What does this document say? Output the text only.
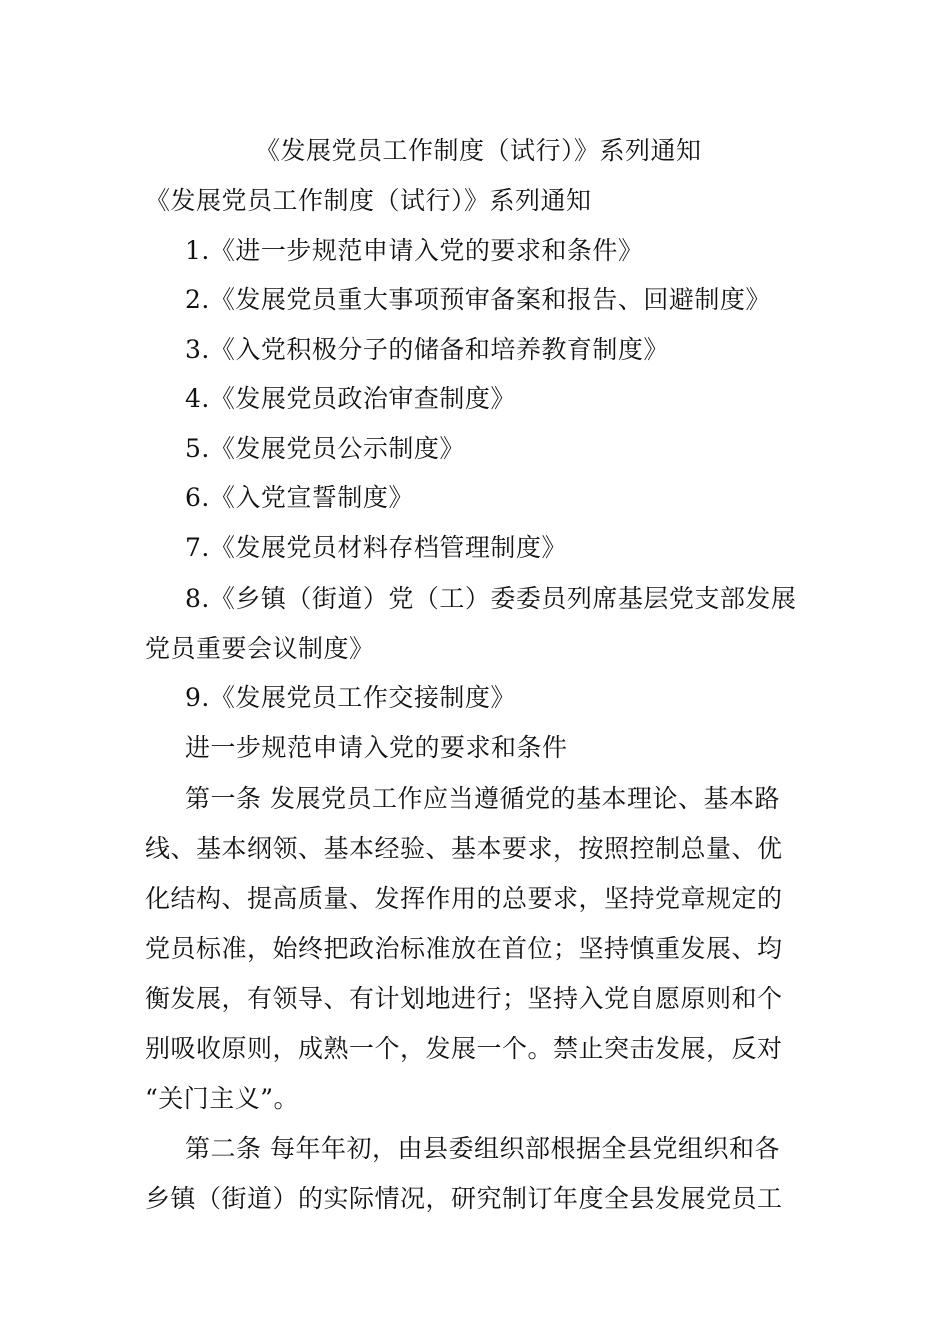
《发展党员工作制度（试行）》系列通知
《发展党员工作制度（试行）》系列通知
1.《进一步规范申请入党的要求和条件》
2.《发展党员重大事项预审备案和报告、回避制度》
3.《入党积极分子的储备和培养教育制度》
4.《发展党员政治审查制度》
5.《发展党员公示制度》
6.《入党宣誓制度》
7.《发展党员材料存档管理制度》
8.《乡镇（街道）党（工）委委员列席基层党支部发展
党员重要会议制度》
9.《发展党员工作交接制度》
进一步规范申请入党的要求和条件
第一条 发展党员工作应当遵循党的基本理论、基本路
线、基本纲领、基本经验、基本要求，按照控制总量、优
化结构、提高质量、发挥作用的总要求，坚持党章规定的
党员标准，始终把政治标准放在首位；坚持慎重发展、均
衡发展，有领导、有计划地进行；坚持入党自愿原则和个
别吸收原则，成熟一个，发展一个。禁止突击发展，反对
“关门主义”。
第二条 每年年初，由县委组织部根据全县党组织和各
乡镇（街道）的实际情况，研究制订年度全县发展党员工
